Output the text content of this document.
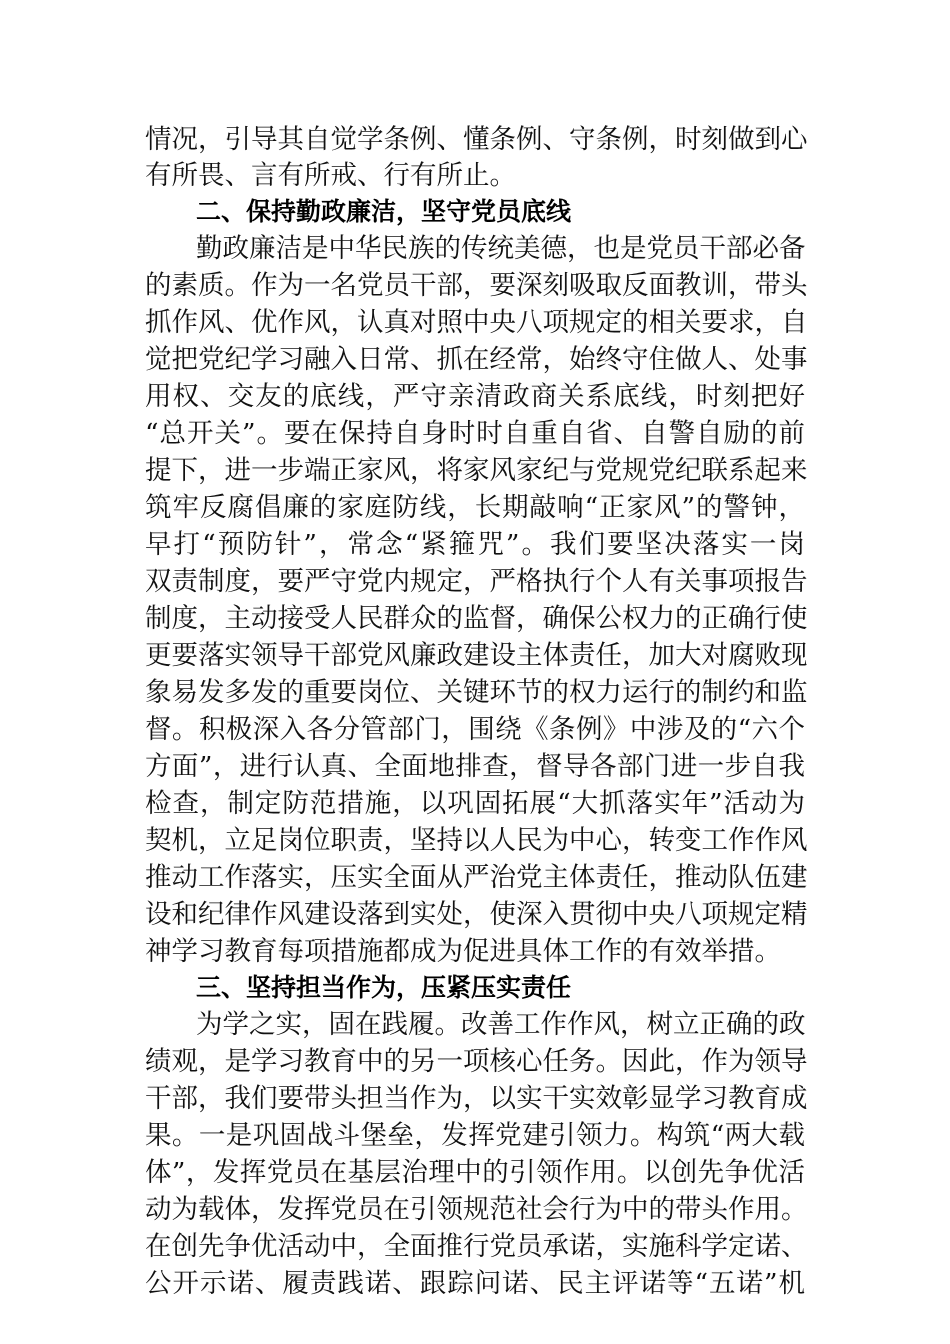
情况，引导其自觉学条例、懂条例、守条例，时刻做到心
有所畏、言有所戒、行有所止。
二、保持勤政廉洁，坚守党员底线
勤政廉洁是中华民族的传统美德，也是党员干部必备
的素质。作为一名党员干部，要深刻吸取反面教训，带头
抓作风、优作风，认真对照中央八项规定的相关要求，自
觉把党纪学习融入日常、抓在经常，始终守住做人、处事
用权、交友的底线，严守亲清政商关系底线，时刻把好
“总开关”。要在保持自身时时自重自省、自警自励的前
提下，进一步端正家风，将家风家纪与党规党纪联系起来
筑牢反腐倡廉的家庭防线，长期敲响“正家风”的警钟，
早打“预防针”，常念“紧箍咒”。我们要坚决落实一岗
双责制度，要严守党内规定，严格执行个人有关事项报告
制度，主动接受人民群众的监督，确保公权力的正确行使
更要落实领导干部党风廉政建设主体责任，加大对腐败现
象易发多发的重要岗位、关键环节的权力运行的制约和监
督。积极深入各分管部门，围绕《条例》中涉及的“六个
方面”，进行认真、全面地排查，督导各部门进一步自我
检查，制定防范措施，以巩固拓展“大抓落实年”活动为
契机，立足岗位职责，坚持以人民为中心，转变工作作风
推动工作落实，压实全面从严治党主体责任，推动队伍建
设和纪律作风建设落到实处，使深入贯彻中央八项规定精
神学习教育每项措施都成为促进具体工作的有效举措。
三、坚持担当作为，压紧压实责任
为学之实，固在践履。改善工作作风，树立正确的政
绩观，是学习教育中的另一项核心任务。因此，作为领导
干部，我们要带头担当作为，以实干实效彰显学习教育成
果。一是巩固战斗堡垒，发挥党建引领力。构筑“两大载
体”，发挥党员在基层治理中的引领作用。以创先争优活
动为载体，发挥党员在引领规范社会行为中的带头作用。
在创先争优活动中，全面推行党员承诺，实施科学定诺、
公开示诺、履责践诺、跟踪问诺、民主评诺等“五诺”机
